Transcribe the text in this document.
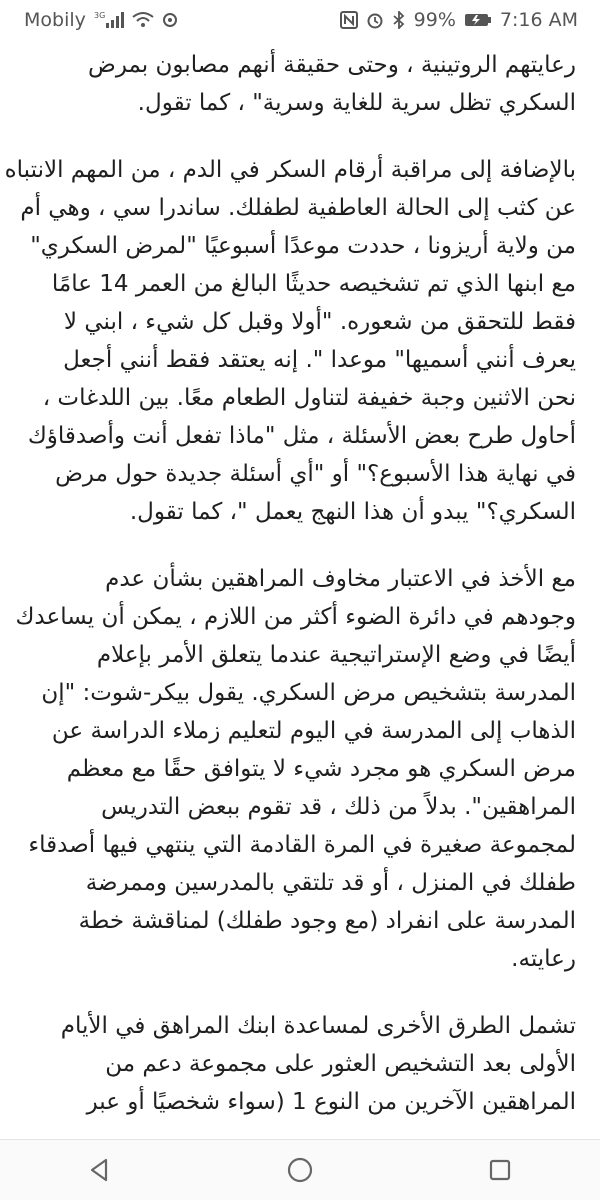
Mobily 3G	99% 7:16 AM

رعايتهم الروتينية ، وحتى حقيقة أنهم مصابون بمرض
السكري تظل سرية للغاية وسرية" ، كما تقول.

بالإضافة إلى مراقبة أرقام السكر في الدم ، من المهم الانتباه
عن كثب إلى الحالة العاطفية لطفلك. ساندرا سي ، وهي أم
من ولاية أريزونا ، حددت موعدًا أسبوعيًا "لمرض السكري"
مع ابنها الذي تم تشخيصه حديثًا البالغ من العمر 14 عامًا
فقط للتحقق من شعوره. "أولا وقبل كل شيء ، ابني لا
يعرف أنني أسميها" موعدا ". إنه يعتقد فقط أنني أجعل
نحن الاثنين وجبة خفيفة لتناول الطعام معًا. بين اللدغات ،
أحاول طرح بعض الأسئلة ، مثل "ماذا تفعل أنت وأصدقاؤك
في نهاية هذا الأسبوع؟" أو "أي أسئلة جديدة حول مرض
السكري؟" يبدو أن هذا النهج يعمل "، كما تقول.

مع الأخذ في الاعتبار مخاوف المراهقين بشأن عدم
وجودهم في دائرة الضوء أكثر من اللازم ، يمكن أن يساعدك
أيضًا في وضع الإستراتيجية عندما يتعلق الأمر بإعلام
المدرسة بتشخيص مرض السكري. يقول بيكر-شوت: "إن
الذهاب إلى المدرسة في اليوم لتعليم زملاء الدراسة عن
مرض السكري هو مجرد شيء لا يتوافق حقًا مع معظم
المراهقين". بدلاً من ذلك ، قد تقوم ببعض التدريس
لمجموعة صغيرة في المرة القادمة التي ينتهي فيها أصدقاء
طفلك في المنزل ، أو قد تلتقي بالمدرسين وممرضة
المدرسة على انفراد (مع وجود طفلك) لمناقشة خطة
رعايته.

تشمل الطرق الأخرى لمساعدة ابنك المراهق في الأيام
الأولى بعد التشخيص العثور على مجموعة دعم من
المراهقين الآخرين من النوع 1 (سواء شخصيًا أو عبر
